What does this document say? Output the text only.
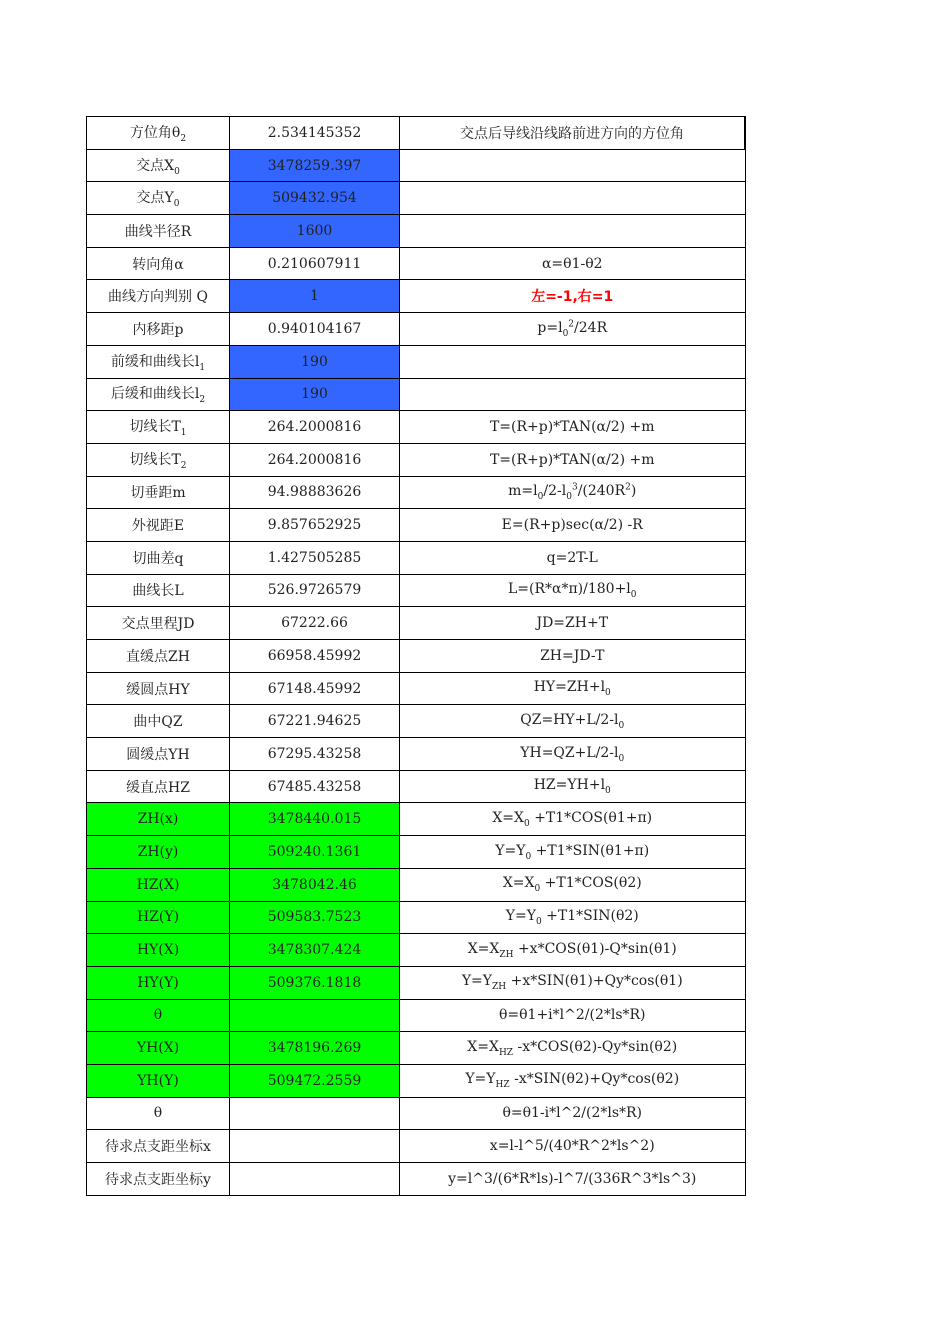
方位角$\theta_2$	2.534145352	交点后导线沿线路前进方向的方位角
交点$X_0$	3478259.397	
交点$Y_0$	509432.954	
曲线半径R	1600	
转向角α	0.210607911	α=θ1-θ2
曲线方向判别 Q	1	左=-1,右=1
内移距p	0.940104167	$p=l_0^2/24R$
前缓和曲线长$l_1$	190	
后缓和曲线长$l_2$	190	
切线长$T_1$	264.2000816	T=(R+p)*TAN(α/2) +m
切线长$T_2$	264.2000816	T=(R+p)*TAN(α/2) +m
切垂距m	94.98883626	$m=l_0/2-l_0^3/(240R^2)$
外视距E	9.857652925	E=(R+p)sec(α/2) -R
切曲差q	1.427505285	q=2T-L
曲线长L	526.9726579	$L=(R*\alpha*\pi)/180+l_0$
交点里程JD	67222.66	JD=ZH+T
直缓点ZH	66958.45992	ZH=JD-T
缓圆点HY	67148.45992	$HY=ZH+l_0$
曲中QZ	67221.94625	$QZ=HY+L/2-l_0$
圆缓点YH	67295.43258	$YH=QZ+L/2-l_0$
缓直点HZ	67485.43258	$HZ=YH+l_0$
ZH(x)	3478440.015	$X=X_0 +T1*COS(\theta 1+\pi)$
ZH(y)	509240.1361	$Y=Y_0 +T1*SIN(\theta 1+\pi)$
HZ(X)	3478042.46	$X=X_0 +T1*COS(\theta 2)$
HZ(Y)	509583.7523	$Y=Y_0 +T1*SIN(\theta 2)$
HY(X)	3478307.424	$X=X_{ZH} +x*COS(\theta 1)-Q*\sin(\theta 1)$
HY(Y)	509376.1818	$Y=Y_{ZH} +x*SIN(\theta 1)+Qy*\cos(\theta 1)$
θ		θ=θ1+i*l^2/(2*ls*R)
YH(X)	3478196.269	$X=X_{HZ}$ -x*COS(θ2)-Qy*sin(θ2)
YH(Y)	509472.2559	$Y=Y_{HZ}$ -x*SIN(θ2)+Qy*cos(θ2)
θ		θ=θ1-i*l^2/(2*ls*R)
待求点支距坐标x		x=l-l^5/(40*R^2*ls^2)
待求点支距坐标y		y=l^3/(6*R*ls)-l^7/(336R^3*ls^3)
